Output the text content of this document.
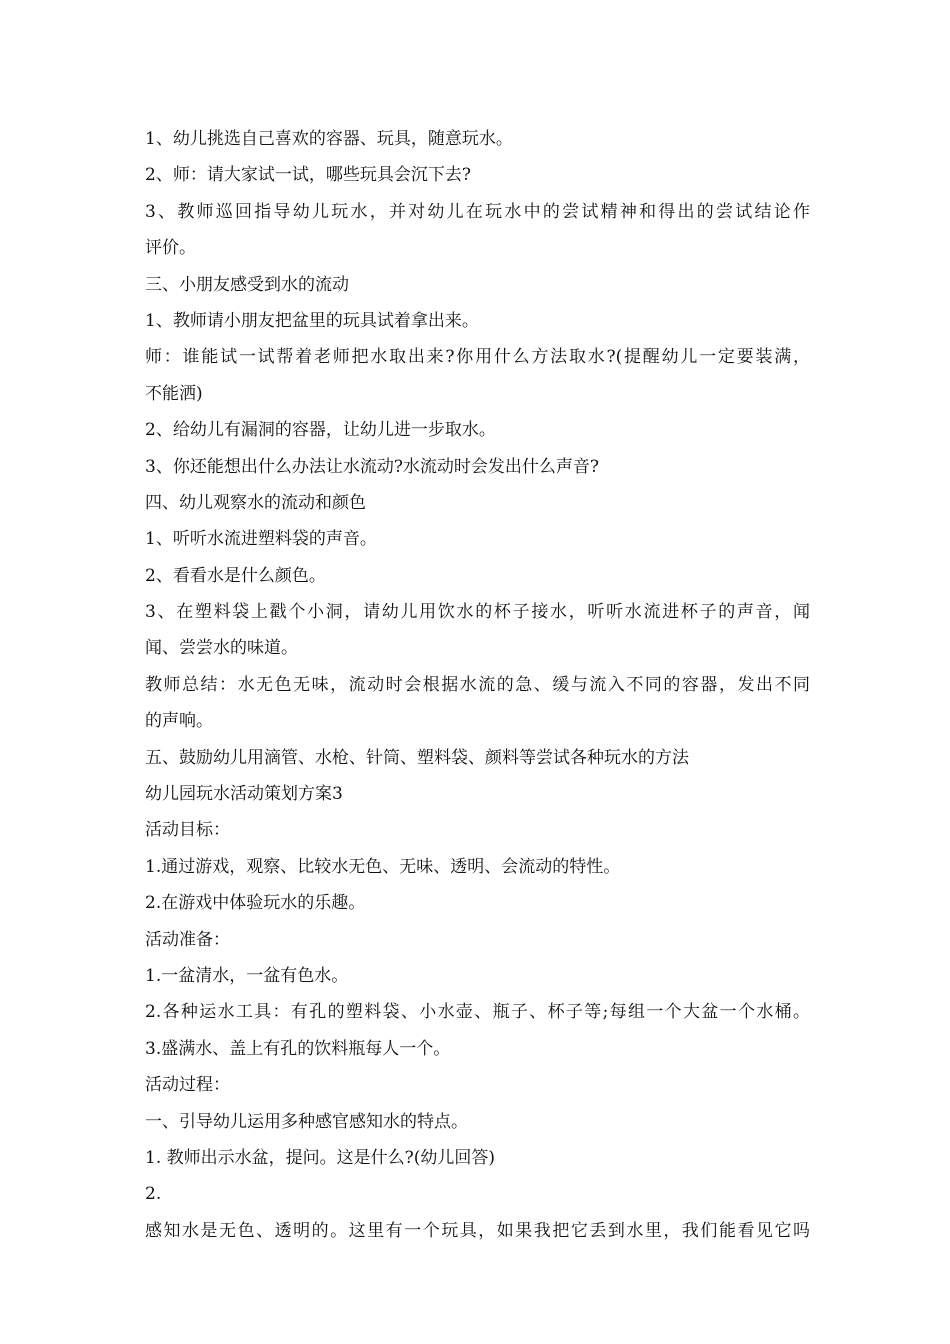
1、幼儿挑选自己喜欢的容器、玩具，随意玩水。
2、师：请大家试一试，哪些玩具会沉下去?
3、教师巡回指导幼儿玩水，并对幼儿在玩水中的尝试精神和得出的尝试结论作
评价。
三、小朋友感受到水的流动
1、教师请小朋友把盆里的玩具试着拿出来。
师：谁能试一试帮着老师把水取出来?你用什么方法取水?(提醒幼儿一定要装满，
不能洒)
2、给幼儿有漏洞的容器，让幼儿进一步取水。
3、你还能想出什么办法让水流动?水流动时会发出什么声音?
四、幼儿观察水的流动和颜色
1、听听水流进塑料袋的声音。
2、看看水是什么颜色。
3、在塑料袋上戳个小洞，请幼儿用饮水的杯子接水，听听水流进杯子的声音，闻
闻、尝尝水的味道。
教师总结：水无色无味，流动时会根据水流的急、缓与流入不同的容器，发出不同
的声响。
五、鼓励幼儿用滴管、水枪、针筒、塑料袋、颜料等尝试各种玩水的方法
幼儿园玩水活动策划方案3
活动目标：
1.通过游戏，观察、比较水无色、无味、透明、会流动的特性。
2.在游戏中体验玩水的乐趣。
活动准备：
1.一盆清水，一盆有色水。
2.各种运水工具：有孔的塑料袋、小水壶、瓶子、杯子等;每组一个大盆一个水桶。
3.盛满水、盖上有孔的饮料瓶每人一个。
活动过程：
一、引导幼儿运用多种感官感知水的特点。
1. 教师出示水盆，提问。这是什么?(幼儿回答)
2.
感知水是无色、透明的。这里有一个玩具，如果我把它丢到水里，我们能看见它吗
